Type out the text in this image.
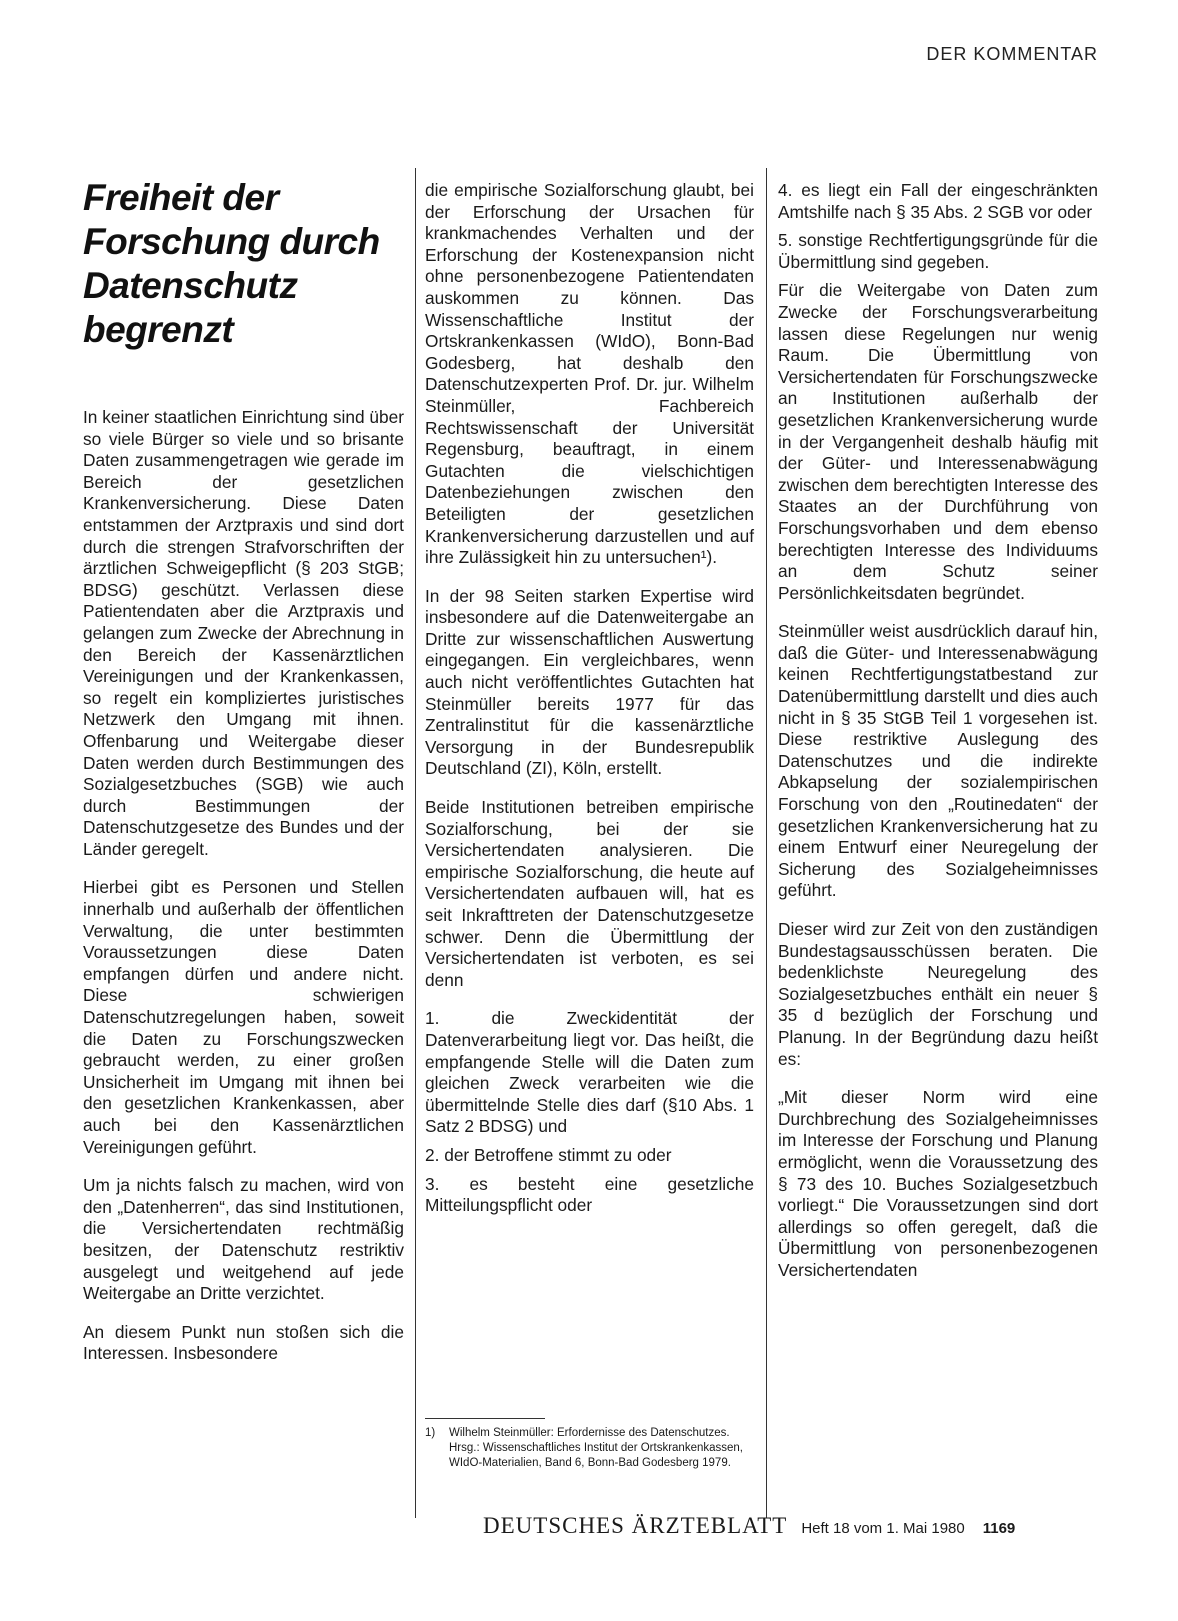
DER KOMMENTAR
Freiheit der Forschung durch Datenschutz begrenzt

In keiner staatlichen Einrichtung sind über so viele Bürger so viele und so brisante Daten zusammengetragen wie gerade im Bereich der gesetzlichen Krankenversicherung. Diese Daten entstammen der Arztpraxis und sind dort durch die strengen Strafvorschriften der ärztlichen Schweigepflicht (§ 203 StGB; BDSG) geschützt. Verlassen diese Patientendaten aber die Arztpraxis und gelangen zum Zwecke der Abrechnung in den Bereich der Kassenärztlichen Vereinigungen und der Krankenkassen, so regelt ein kompliziertes juristisches Netzwerk den Umgang mit ihnen. Offenbarung und Weitergabe dieser Daten werden durch Bestimmungen des Sozialgesetzbuches (SGB) wie auch durch Bestimmungen der Datenschutzgesetze des Bundes und der Länder geregelt.

Hierbei gibt es Personen und Stellen innerhalb und außerhalb der öffentlichen Verwaltung, die unter bestimmten Voraussetzungen diese Daten empfangen dürfen und andere nicht. Diese schwierigen Datenschutzregelungen haben, soweit die Daten zu Forschungszwecken gebraucht werden, zu einer großen Unsicherheit im Umgang mit ihnen bei den gesetzlichen Krankenkassen, aber auch bei den Kassenärztlichen Vereinigungen geführt.

Um ja nichts falsch zu machen, wird von den „Datenherren“, das sind Institutionen, die Versichertendaten rechtmäßig besitzen, der Datenschutz restriktiv ausgelegt und weitgehend auf jede Weitergabe an Dritte verzichtet.

An diesem Punkt nun stoßen sich die Interessen. Insbesondere

die empirische Sozialforschung glaubt, bei der Erforschung der Ursachen für krankmachendes Verhalten und der Erforschung der Kostenexpansion nicht ohne personenbezogene Patientendaten auskommen zu können. Das Wissenschaftliche Institut der Ortskrankenkassen (WIdO), Bonn-Bad Godesberg, hat deshalb den Datenschutzexperten Prof. Dr. jur. Wilhelm Steinmüller, Fachbereich Rechtswissenschaft der Universität Regensburg, beauftragt, in einem Gutachten die vielschichtigen Datenbeziehungen zwischen den Beteiligten der gesetzlichen Krankenversicherung darzustellen und auf ihre Zulässigkeit hin zu untersuchen¹).

In der 98 Seiten starken Expertise wird insbesondere auf die Datenweitergabe an Dritte zur wissenschaftlichen Auswertung eingegangen. Ein vergleichbares, wenn auch nicht veröffentlichtes Gutachten hat Steinmüller bereits 1977 für das Zentralinstitut für die kassenärztliche Versorgung in der Bundesrepublik Deutschland (ZI), Köln, erstellt.

Beide Institutionen betreiben empirische Sozialforschung, bei der sie Versichertendaten analysieren. Die empirische Sozialforschung, die heute auf Versichertendaten aufbauen will, hat es seit Inkrafttreten der Datenschutzgesetze schwer. Denn die Übermittlung der Versichertendaten ist verboten, es sei denn

1. die Zweckidentität der Datenverarbeitung liegt vor. Das heißt, die empfangende Stelle will die Daten zum gleichen Zweck verarbeiten wie die übermittelnde Stelle dies darf (§10 Abs. 1 Satz 2 BDSG) und

2. der Betroffene stimmt zu oder

3. es besteht eine gesetzliche Mitteilungspflicht oder

1)	Wilhelm Steinmüller: Erfordernisse des Datenschutzes. Hrsg.: Wissenschaftliches Institut der Ortskrankenkassen, WIdO-Materialien, Band 6, Bonn-Bad Godesberg 1979.

4. es liegt ein Fall der eingeschränkten Amtshilfe nach § 35 Abs. 2 SGB vor oder

5. sonstige Rechtfertigungsgründe für die Übermittlung sind gegeben.

Für die Weitergabe von Daten zum Zwecke der Forschungsverarbeitung lassen diese Regelungen nur wenig Raum. Die Übermittlung von Versichertendaten für Forschungszwecke an Institutionen außerhalb der gesetzlichen Krankenversicherung wurde in der Vergangenheit deshalb häufig mit der Güter- und Interessenabwägung zwischen dem berechtigten Interesse des Staates an der Durchführung von Forschungsvorhaben und dem ebenso berechtigten Interesse des Individuums an dem Schutz seiner Persönlichkeitsdaten begründet.

Steinmüller weist ausdrücklich darauf hin, daß die Güter- und Interessenabwägung keinen Rechtfertigungstatbestand zur Datenübermittlung darstellt und dies auch nicht in § 35 StGB Teil 1 vorgesehen ist. Diese restriktive Auslegung des Datenschutzes und die indirekte Abkapselung der sozialempirischen Forschung von den „Routinedaten“ der gesetzlichen Krankenversicherung hat zu einem Entwurf einer Neuregelung der Sicherung des Sozialgeheimnisses geführt.

Dieser wird zur Zeit von den zuständigen Bundestagsausschüssen beraten. Die bedenklichste Neuregelung des Sozialgesetzbuches enthält ein neuer § 35 d bezüglich der Forschung und Planung. In der Begründung dazu heißt es:

„Mit dieser Norm wird eine Durchbrechung des Sozialgeheimnisses im Interesse der Forschung und Planung ermöglicht, wenn die Voraussetzung des § 73 des 10. Buches Sozialgesetzbuch vorliegt.“ Die Voraussetzungen sind dort allerdings so offen geregelt, daß die Übermittlung von personenbezogenen Versichertendaten

DEUTSCHES ÄRZTEBLATT Heft 18 vom 1. Mai 1980 1169
